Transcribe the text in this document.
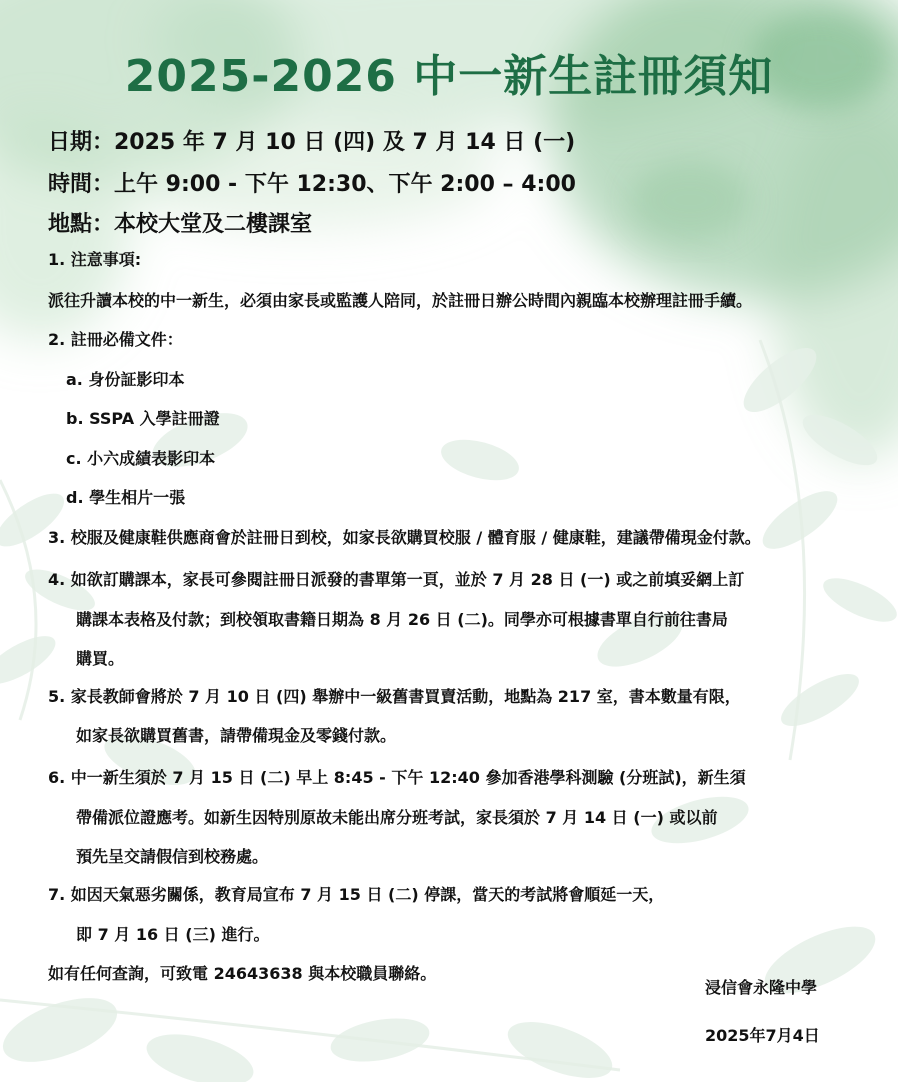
2025-2026 中一新生註冊須知
日期：2025 年 7 月 10 日 (四) 及 7 月 14 日 (一)
時間：上午 9:00 - 下午 12:30、下午 2:00 – 4:00
地點：本校大堂及二樓課室
1. 注意事項:
派往升讀本校的中一新生，必須由家長或監護人陪同，於註冊日辦公時間內親臨本校辦理註冊手續。
2. 註冊必備文件：
a. 身份証影印本
b. SSPA 入學註冊證
c. 小六成績表影印本
d. 學生相片一張
3. 校服及健康鞋供應商會於註冊日到校，如家長欲購買校服 / 體育服 / 健康鞋，建議帶備現金付款。
4. 如欲訂購課本，家長可參閱註冊日派發的書單第一頁，並於 7 月 28 日 (一) 或之前填妥網上訂
購課本表格及付款；到校領取書籍日期為 8 月 26 日 (二)。同學亦可根據書單自行前往書局
購買。
5. 家長教師會將於 7 月 10 日 (四) 舉辦中一級舊書買賣活動，地點為 217 室，書本數量有限，
如家長欲購買舊書，請帶備現金及零錢付款。
6. 中一新生須於 7 月 15 日 (二) 早上 8:45 - 下午 12:40 參加香港學科測驗 (分班試)，新生須
帶備派位證應考。如新生因特別原故未能出席分班考試，家長須於 7 月 14 日 (一) 或以前
預先呈交請假信到校務處。
7. 如因天氣惡劣關係，教育局宣布 7 月 15 日 (二) 停課，當天的考試將會順延一天，
即 7 月 16 日 (三) 進行。
如有任何查詢，可致電 24643638 與本校職員聯絡。
浸信會永隆中學
2025年7月4日
